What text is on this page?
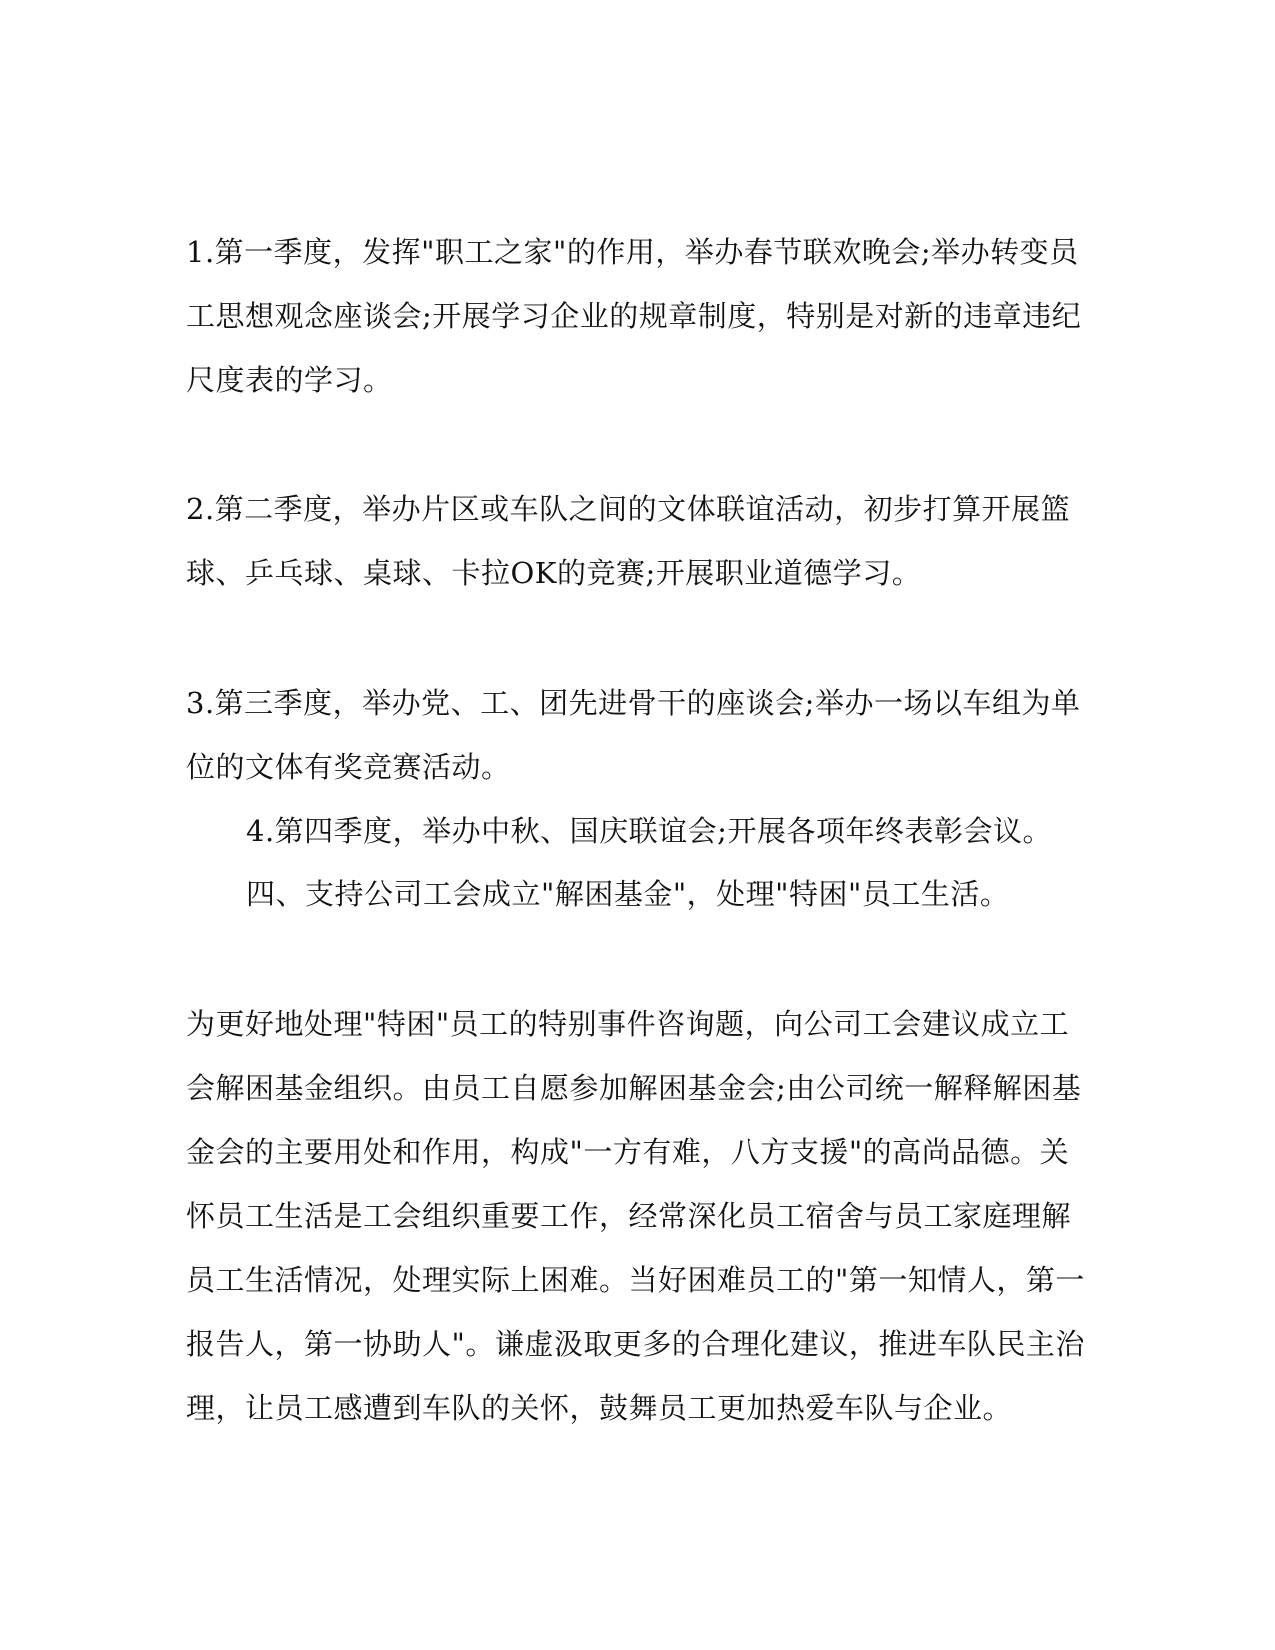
1.第一季度，发挥"职工之家"的作用，举办春节联欢晚会;举办转变员工思想观念座谈会;开展学习企业的规章制度，特别是对新的违章违纪尺度表的学习。

2.第二季度，举办片区或车队之间的文体联谊活动，初步打算开展篮球、乒乓球、桌球、卡拉OK的竞赛;开展职业道德学习。

3.第三季度，举办党、工、团先进骨干的座谈会;举办一场以车组为单位的文体有奖竞赛活动。

4.第四季度，举办中秋、国庆联谊会;开展各项年终表彰会议。

四、支持公司工会成立"解困基金"，处理"特困"员工生活。

为更好地处理"特困"员工的特别事件咨询题，向公司工会建议成立工会解困基金组织。由员工自愿参加解困基金会;由公司统一解释解困基金会的主要用处和作用，构成"一方有难，八方支援"的高尚品德。关怀员工生活是工会组织重要工作，经常深化员工宿舍与员工家庭理解员工生活情况，处理实际上困难。当好困难员工的"第一知情人，第一报告人，第一协助人"。谦虚汲取更多的合理化建议，推进车队民主治理，让员工感遭到车队的关怀，鼓舞员工更加热爱车队与企业。
